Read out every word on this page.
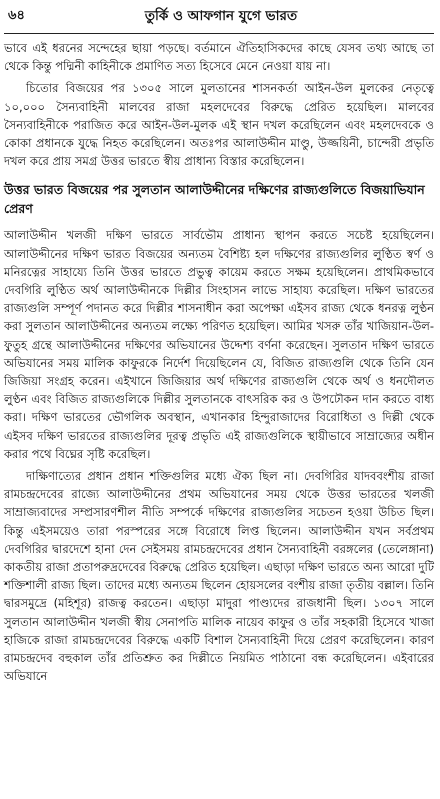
৬৪	তুর্কি ও আফগান যুগে ভারত

ভাবে এই ধরনের সন্দেহের ছায়া পড়ছে। বর্তমানে ঐতিহাসিকদের কাছে যেসব তথ্য আছে তা থেকে কিন্তু পদ্মিনী কাহিনীকে প্রমাণিত সত্য হিসেবে মেনে নেওয়া যায় না।

চিতোর বিজয়ের পর ১৩০৫ সালে মুলতানের শাসনকর্তা আইন-উল মুলকের নেতৃত্বে ১০,০০০ সৈন্যবাহিনী মালবের রাজা মহলদেবের বিরুদ্ধে প্রেরিত হয়েছিল। মালবের সৈন্যবাহিনীকে পরাজিত করে আইন-উল-মুলক এই স্থান দখল করেছিলেন এবং মহলদেবকে ও কোকা প্রধানকে যুদ্ধে নিহত করেছিলেন। অতঃপর আলাউদ্দীন মাণ্ডু, উজ্জয়িনী, চান্দেরী প্রভৃতি দখল করে প্রায় সমগ্র উত্তর ভারতে স্বীয় প্রাধান্য বিস্তার করেছিলেন।

উত্তর ভারত বিজয়ের পর সুলতান আলাউদ্দীনের দক্ষিণের রাজ্যগুলিতে বিজয়াভিযান প্রেরণ

আলাউদ্দীন খলজী দক্ষিণ ভারতে সার্বভৌম প্রাধান্য স্থাপন করতে সচেষ্ট হয়েছিলেন। আলাউদ্দীনের দক্ষিণ ভারত বিজয়ের অন্যতম বৈশিষ্ট্য হল দক্ষিণের রাজ্যগুলির লুণ্ঠিত স্বর্ণ ও মনিরত্নের সাহায্যে তিনি উত্তর ভারতে প্রভুত্ব কায়েম করতে সক্ষম হয়েছিলেন। প্রাথমিকভাবে দেবগিরি লুণ্ঠিত অর্থ আলাউদ্দীনকে দিল্লীর সিংহাসন লাভে সাহায্য করেছিল। দক্ষিণ ভারতের রাজ্যগুলি সম্পূর্ণ পদানত করে দিল্লীর শাসনাধীন করা অপেক্ষা এইসব রাজ্য থেকে ধনরত্ন লুণ্ঠন করা সুলতান আলাউদ্দীনের অন্যতম লক্ষ্যে পরিণত হয়েছিল। আমির খসরু তাঁর খাজিয়ান-উল-ফুতুহ গ্রন্থে আলাউদ্দীনের দক্ষিণের অভিযানের উদ্দেশ্য বর্ণনা করেছেন। সুলতান দক্ষিণ ভারতে অভিযানের সময় মালিক কাফুরকে নির্দেশ দিয়েছিলেন যে, বিজিত রাজ্যগুলি থেকে তিনি যেন জিজিয়া সংগ্রহ করেন। এইখানে জিজিয়ার অর্থ দক্ষিণের রাজ্যগুলি থেকে অর্থ ও ধনদৌলত লুণ্ঠন এবং বিজিত রাজ্যগুলিকে দিল্লীর সুলতানকে বাৎসরিক কর ও উপঢৌকন দান করতে বাধ্য করা। দক্ষিণ ভারতের ভৌগলিক অবস্থান, এখানকার হিন্দুরাজাদের বিরোধিতা ও দিল্লী থেকে এইসব দক্ষিণ ভারতের রাজ্যগুলির দূরত্ব প্রভৃতি এই রাজ্যগুলিকে স্থায়ীভাবে সাম্রাজ্যের অধীন করার পথে বিঘ্নের সৃষ্টি করেছিল।

দাক্ষিণাত্যের প্রধান প্রধান শক্তিগুলির মধ্যে ঐক্য ছিল না। দেবগিরির যাদববংশীয় রাজা রামচন্দ্রদেবের রাজ্যে আলাউদ্দীনের প্রথম অভিযানের সময় থেকে উত্তর ভারতের খলজী সাম্রাজ্যবাদের সম্প্রসারণশীল নীতি সম্পর্কে দক্ষিণের রাজ্যগুলির সচেতন হওয়া উচিত ছিল। কিন্তু এইসময়েও তারা পরস্পরের সঙ্গে বিরোধে লিপ্ত ছিলেন। আলাউদ্দীন যখন সর্বপ্রথম দেবগিরির দ্বারদেশে হানা দেন সেইসময় রামচন্দ্রদেবের প্রধান সৈন্যবাহিনী বরঙ্গলের (তেলেঙ্গানা) কাকতীয় রাজা প্রতাপরুদ্রদেবের বিরুদ্ধে প্রেরিত হয়েছিল। এছাড়া দক্ষিণ ভারতে অন্য আরো দুটি শক্তিশালী রাজ্য ছিল। তাদের মধ্যে অন্যতম ছিলেন হোয়সলের বংশীয় রাজা তৃতীয় বল্লাল। তিনি দ্বারসমুদ্রে (মহিশূর) রাজত্ব করতেন। এছাড়া মাদুরা পাণ্ড্যদের রাজধানী ছিল। ১৩০৭ সালে সুলতান আলাউদ্দীন খলজী স্বীয় সেনাপতি মালিক নায়েব কাফুর ও তাঁর সহকারী হিসেবে খাজা হাজিকে রাজা রামচন্দ্রদেবের বিরুদ্ধে একটি বিশাল সৈন্যবাহিনী দিয়ে প্রেরণ করেছিলেন। কারণ রামচন্দ্রদেব বহুকাল তাঁর প্রতিশ্রুত কর দিল্লীতে নিয়মিত পাঠানো বন্ধ করেছিলেন। এইবারের অভিযানে
